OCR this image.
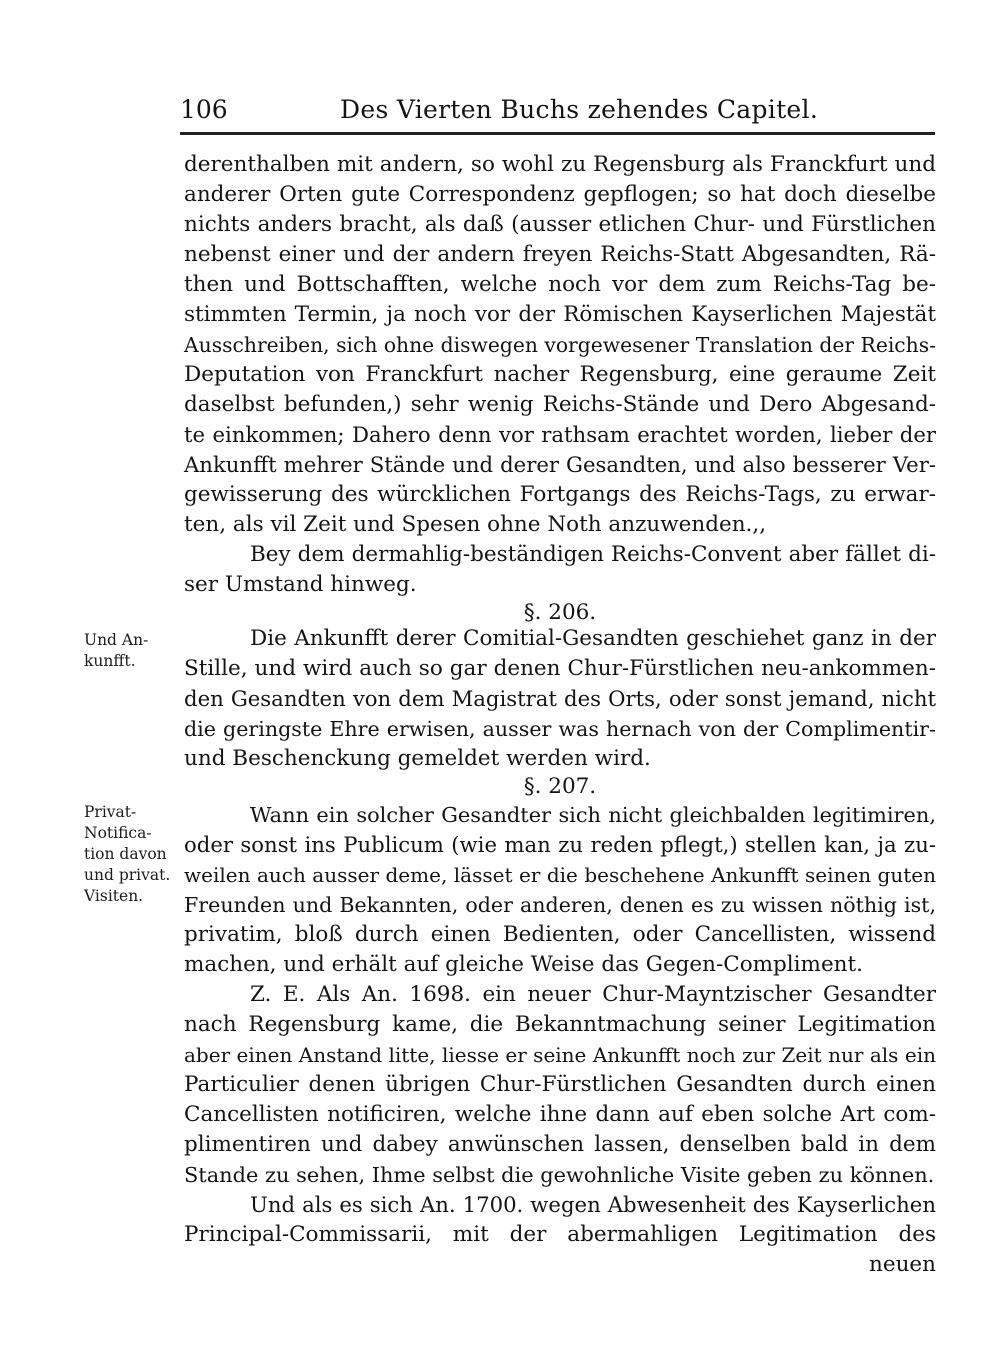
106	Des Vierten Buchs zehendes Capitel.
derenthalben mit andern, so wohl zu Regensburg als Franckfurt und
anderer Orten gute Correspondenz gepflogen; so hat doch dieselbe
nichts anders bracht, als daß (ausser etlichen Chur- und Fürstlichen
nebenst einer und der andern freyen Reichs-Statt Abgesandten, Rä-
then und Bottschafften, welche noch vor dem zum Reichs-Tag be-
stimmten Termin, ja noch vor der Römischen Kayserlichen Majestät
Ausschreiben, sich ohne diswegen vorgewesener Translation der Reichs-
Deputation von Franckfurt nacher Regensburg, eine geraume Zeit
daselbst befunden,) sehr wenig Reichs-Stände und Dero Abgesand-
te einkommen; Dahero denn vor rathsam erachtet worden, lieber der
Ankunfft mehrer Stände und derer Gesandten, und also besserer Ver-
gewisserung des würcklichen Fortgangs des Reichs-Tags, zu erwar-
ten, als vil Zeit und Spesen ohne Noth anzuwenden.,,
Bey dem dermahlig-beständigen Reichs-Convent aber fället di-
ser Umstand hinweg.
§. 206.
Und An-
kunfft.
Die Ankunfft derer Comitial-Gesandten geschiehet ganz in der
Stille, und wird auch so gar denen Chur-Fürstlichen neu-ankommen-
den Gesandten von dem Magistrat des Orts, oder sonst jemand, nicht
die geringste Ehre erwisen, ausser was hernach von der Complimentir-
und Beschenckung gemeldet werden wird.
§. 207.
Privat-
Notifica-
tion davon
und privat.
Visiten.
Wann ein solcher Gesandter sich nicht gleichbalden legitimiren,
oder sonst ins Publicum (wie man zu reden pflegt,) stellen kan, ja zu-
weilen auch ausser deme, lässet er die beschehene Ankunfft seinen guten
Freunden und Bekannten, oder anderen, denen es zu wissen nöthig ist,
privatim, bloß durch einen Bedienten, oder Cancellisten, wissend
machen, und erhält auf gleiche Weise das Gegen-Compliment.
Z. E. Als An. 1698. ein neuer Chur-Mayntzischer Gesandter
nach Regensburg kame, die Bekanntmachung seiner Legitimation
aber einen Anstand litte, liesse er seine Ankunfft noch zur Zeit nur als ein
Particulier denen übrigen Chur-Fürstlichen Gesandten durch einen
Cancellisten notificiren, welche ihne dann auf eben solche Art com-
plimentiren und dabey anwünschen lassen, denselben bald in dem
Stande zu sehen, Ihme selbst die gewohnliche Visite geben zu können.
Und als es sich An. 1700. wegen Abwesenheit des Kayserlichen
Principal-Commissarii, mit der abermahligen Legitimation des
neuen
